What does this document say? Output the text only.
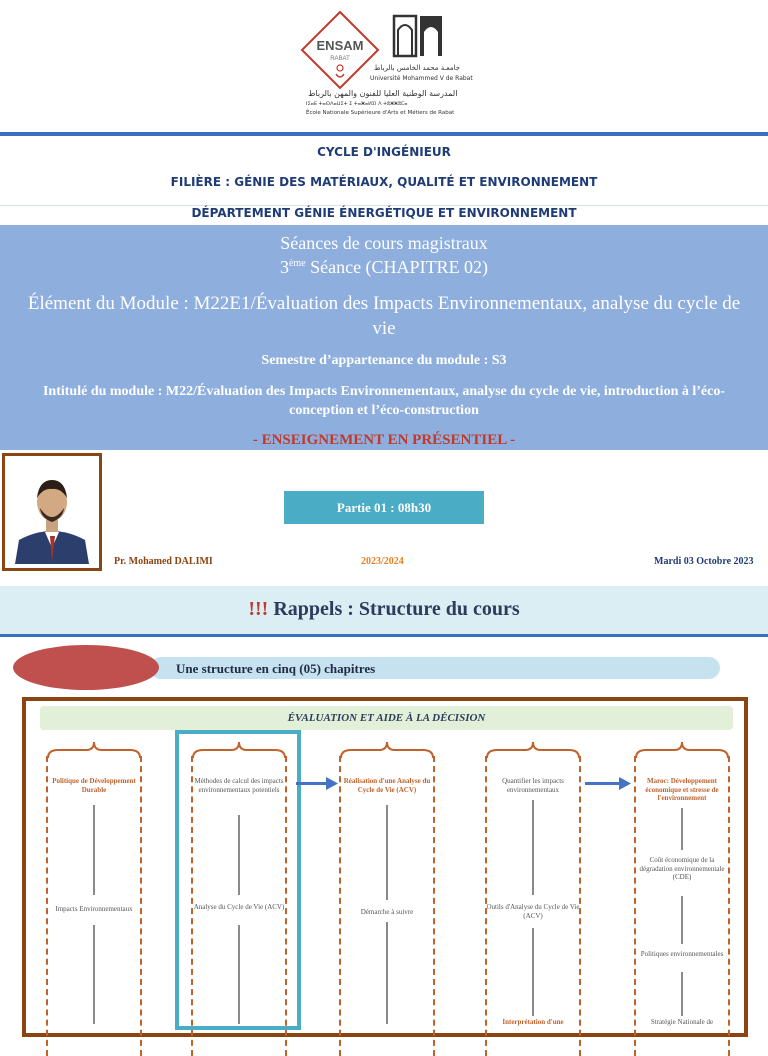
ENSAM
RABAT
جامعـة محمد الخامس بالرباط
Université Mohammed V de Rabat
المدرسة الوطنية العليا للفنون والمهن بالرباط
ⵏⵉⴰⴹ ⵜⴰⵙⴷⴰⵡⵉⵜ ⵉ ⵜⴰⵥⴰⵍⵉⵏ ⴷ ⵜⵓⵥⵥⵓⵎⴰ
École Nationale Supérieure d'Arts et Métiers de Rabat
CYCLE D'INGÉNIEUR
FILIÈRE : GÉNIE DES MATÉRIAUX, QUALITÉ ET ENVIRONNEMENT
DÉPARTEMENT GÉNIE ÉNERGÉTIQUE ET ENVIRONNEMENT
Séances de cours magistraux
3ème Séance (CHAPITRE 02)
Élément du Module : M22E1/Évaluation des Impacts Environnementaux, analyse du cycle de vie
Semestre d’appartenance du module : S3
Intitulé du module : M22/Évaluation des Impacts Environnementaux, analyse du cycle de vie, introduction à l’éco-conception et l’éco-construction
- ENSEIGNEMENT EN PRÉSENTIEL -
Partie 01 : 08h30
Pr. Mohamed DALIMI	2023/2024	Mardi 03 Octobre 2023
!!! Rappels : Structure du cours
Une structure en cinq (05) chapitres
ÉVALUATION ET AIDE À LA DÉCISION
Politique de Développement Durable
Impacts Environnementaux
Méthodes de calcul des impacts environnementaux potentiels
Analyse du Cycle de Vie (ACV)
Réalisation d'une Analyse du Cycle de Vie (ACV)
Démarche à suivre
Quantifier les impacts environnementaux
Outils d'Analyse du Cycle de Vie (ACV)
Interprétation d'une
Maroc: Développement économique et stresse de l'environnement
Coût économique de la dégradation environnementale (CDE)
Politiques environnementales
Stratégie Nationale de
